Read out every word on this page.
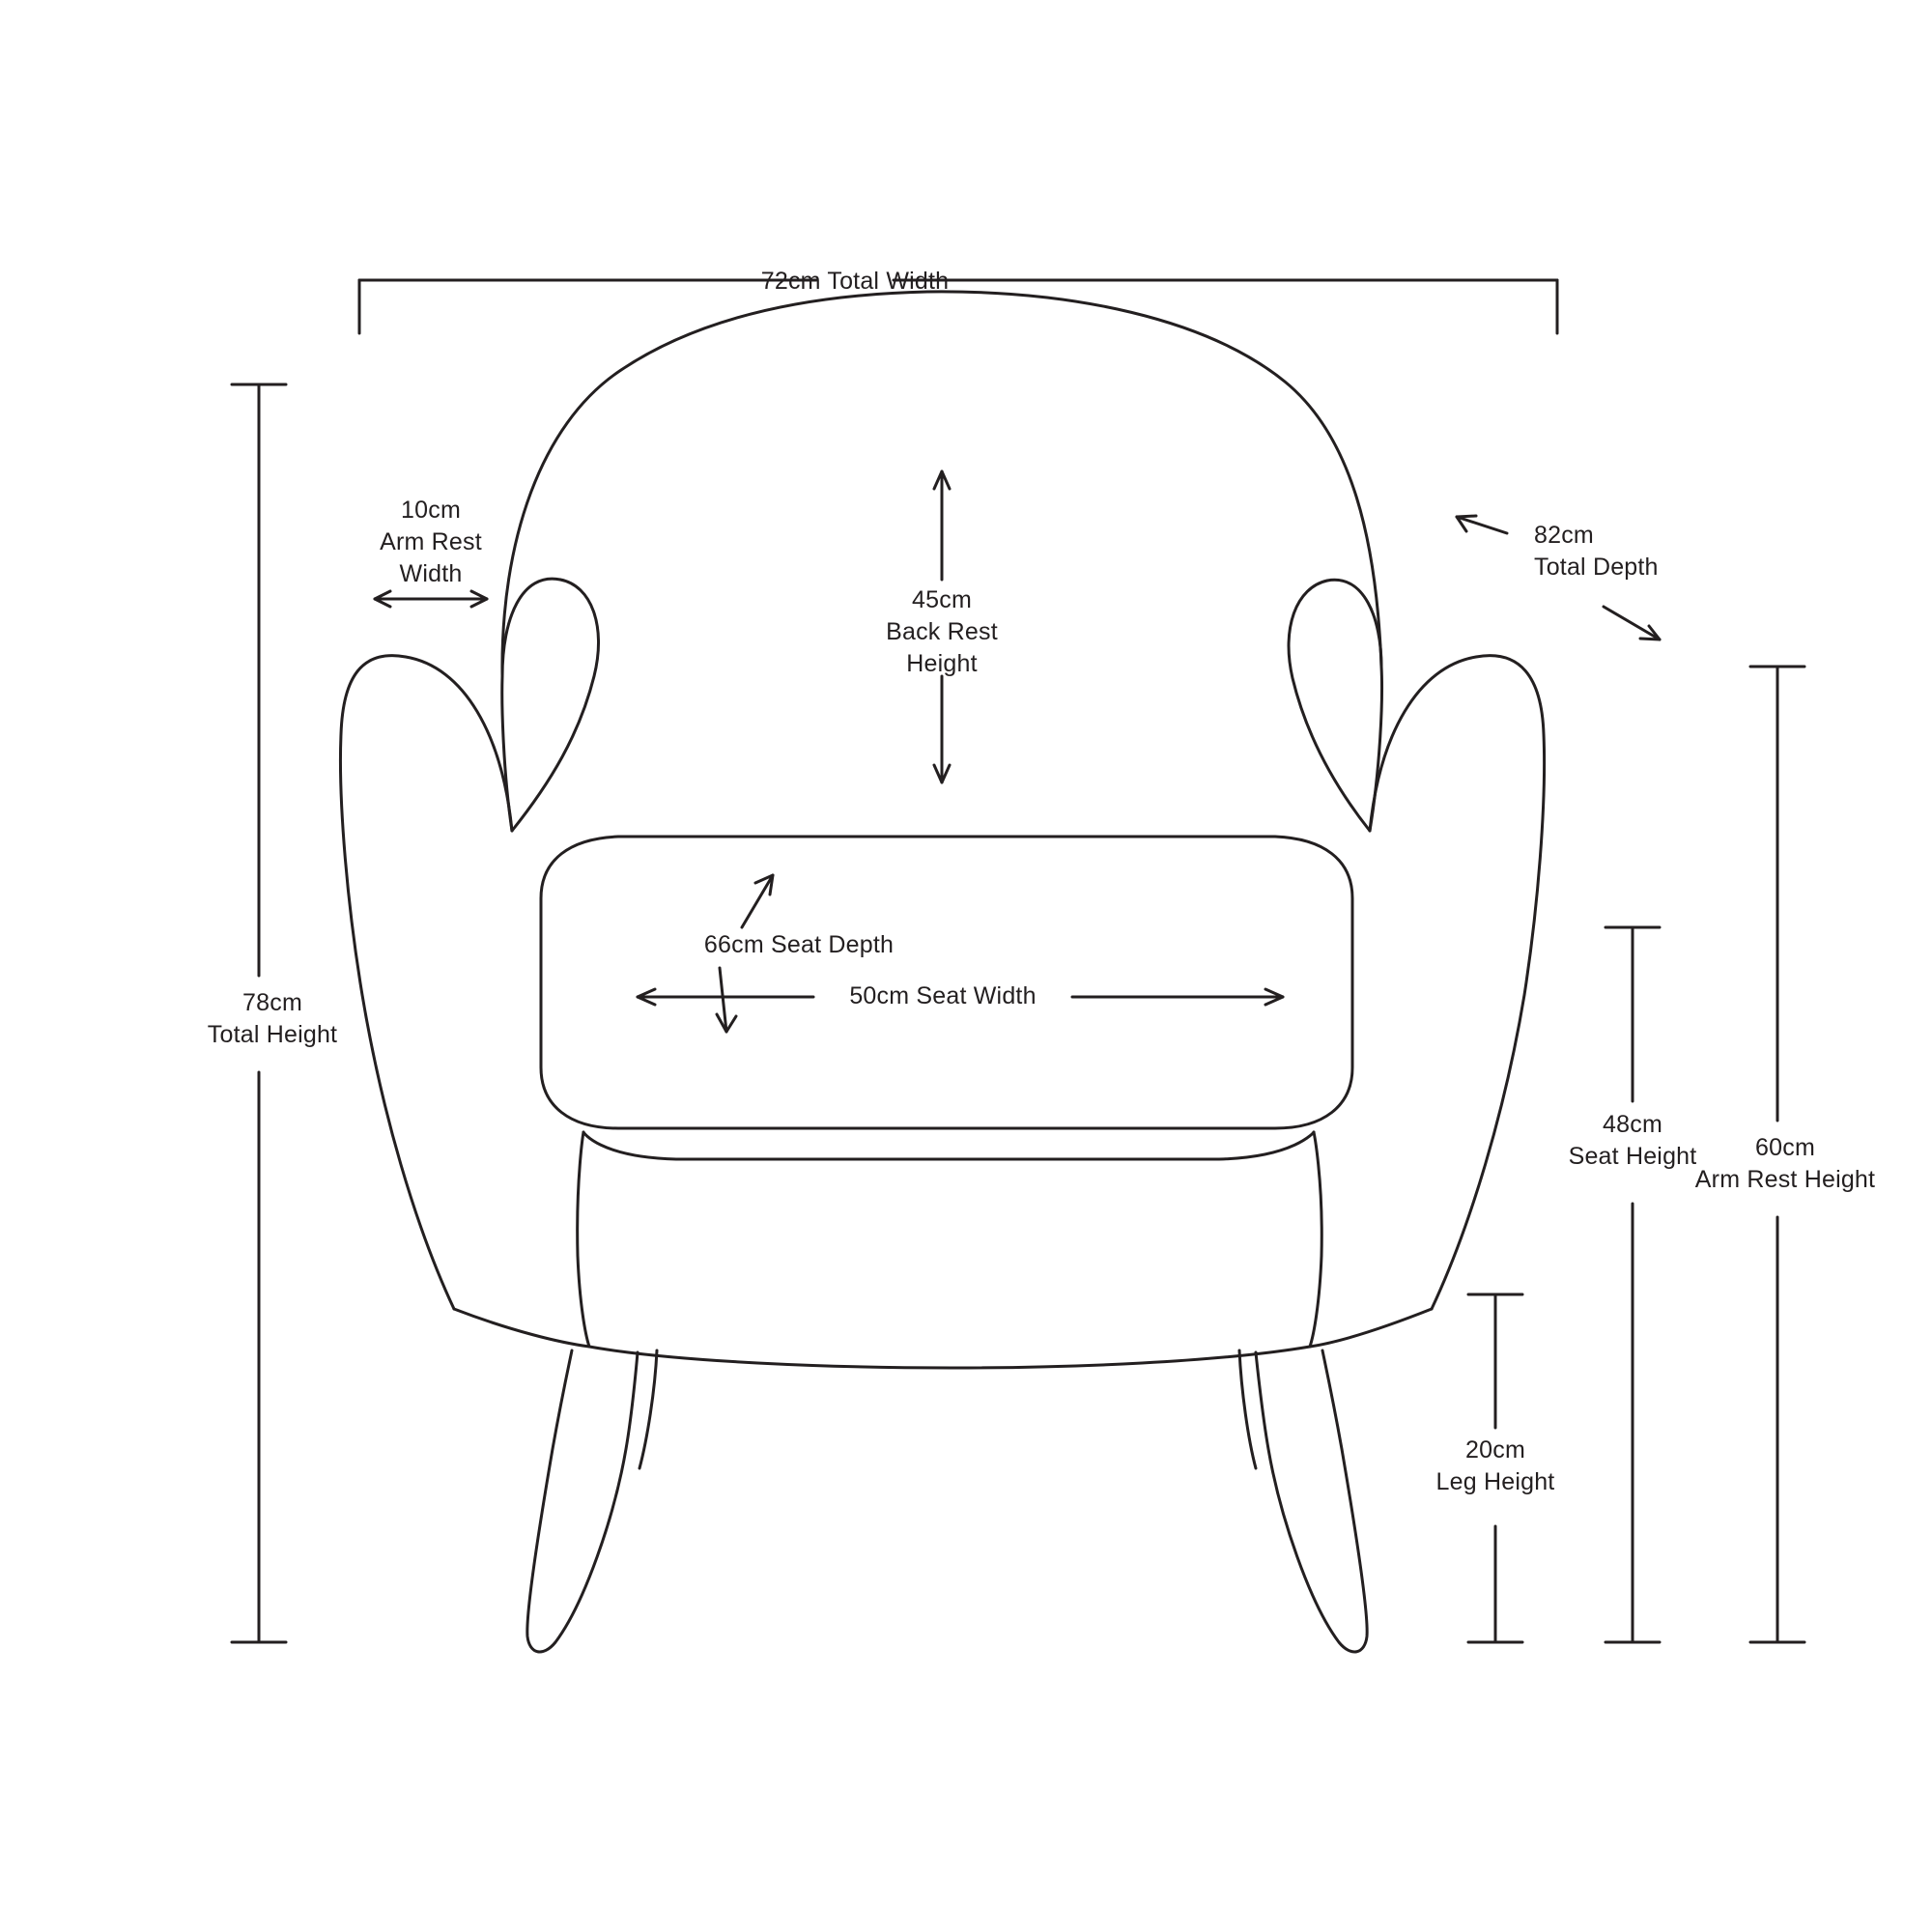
72cm Total Width
10cm
Arm Rest
Width
82cm
Total Depth
45cm
Back Rest
Height
78cm
Total Height
66cm Seat Depth
50cm Seat Width
60cm
Arm Rest Height
48cm
Seat Height
20cm
Leg Height
